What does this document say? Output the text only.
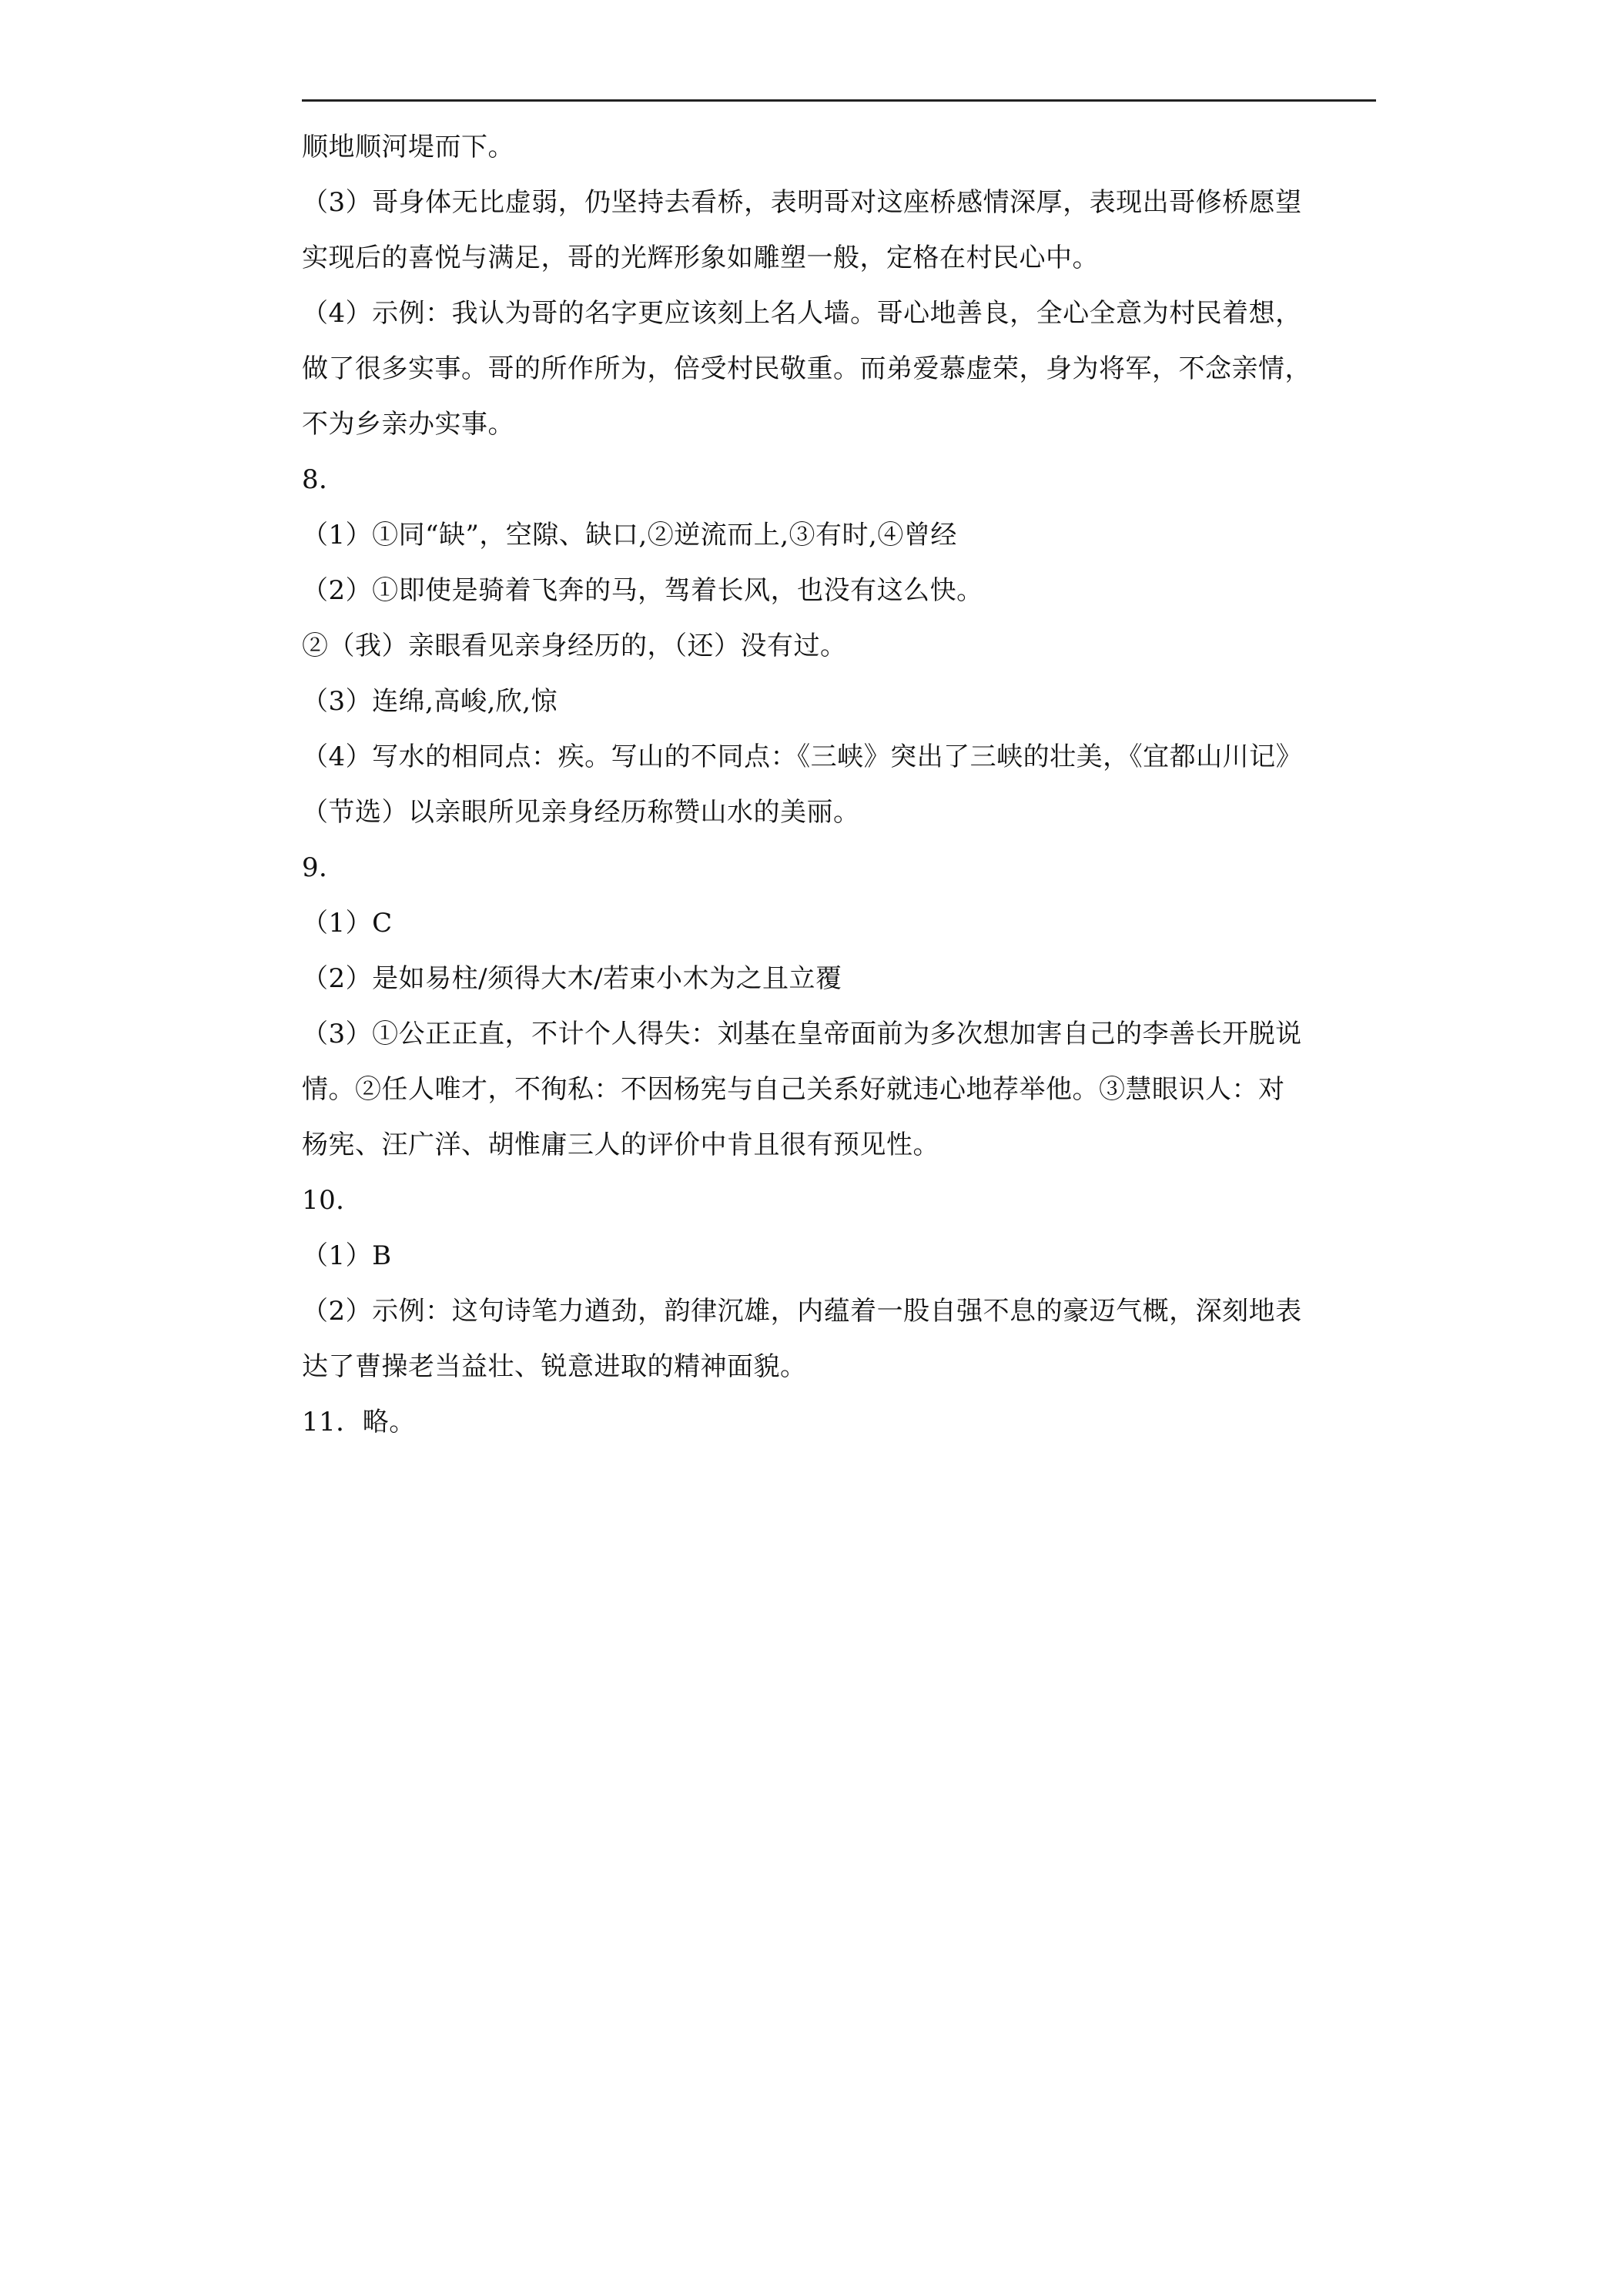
顺地顺河堤而下。
（3）哥身体无比虚弱，仍坚持去看桥，表明哥对这座桥感情深厚，表现出哥修桥愿望
实现后的喜悦与满足，哥的光辉形象如雕塑一般，定格在村民心中。
（4）示例：我认为哥的名字更应该刻上名人墙。哥心地善良，全心全意为村民着想，
做了很多实事。哥的所作所为，倍受村民敬重。而弟爱慕虚荣，身为将军，不念亲情，
不为乡亲办实事。
8．
（1）①同“缺”，空隙、缺口,②逆流而上,③有时,④曾经
（2）①即使是骑着飞奔的马，驾着长风，也没有这么快。
②（我）亲眼看见亲身经历的，（还）没有过。
（3）连绵,高峻,欣,惊
（4）写水的相同点：疾。写山的不同点：《三峡》突出了三峡的壮美，《宜都山川记》
（节选）以亲眼所见亲身经历称赞山水的美丽。
9．
（1）C
（2）是如易柱/须得大木/若束小木为之且立覆
（3）①公正正直，不计个人得失：刘基在皇帝面前为多次想加害自己的李善长开脱说
情。②任人唯才，不徇私：不因杨宪与自己关系好就违心地荐举他。③慧眼识人：对
杨宪、汪广洋、胡惟庸三人的评价中肯且很有预见性。
10．
（1）B
（2）示例：这句诗笔力遒劲，韵律沉雄，内蕴着一股自强不息的豪迈气概，深刻地表
达了曹操老当益壮、锐意进取的精神面貌。
11．略。
